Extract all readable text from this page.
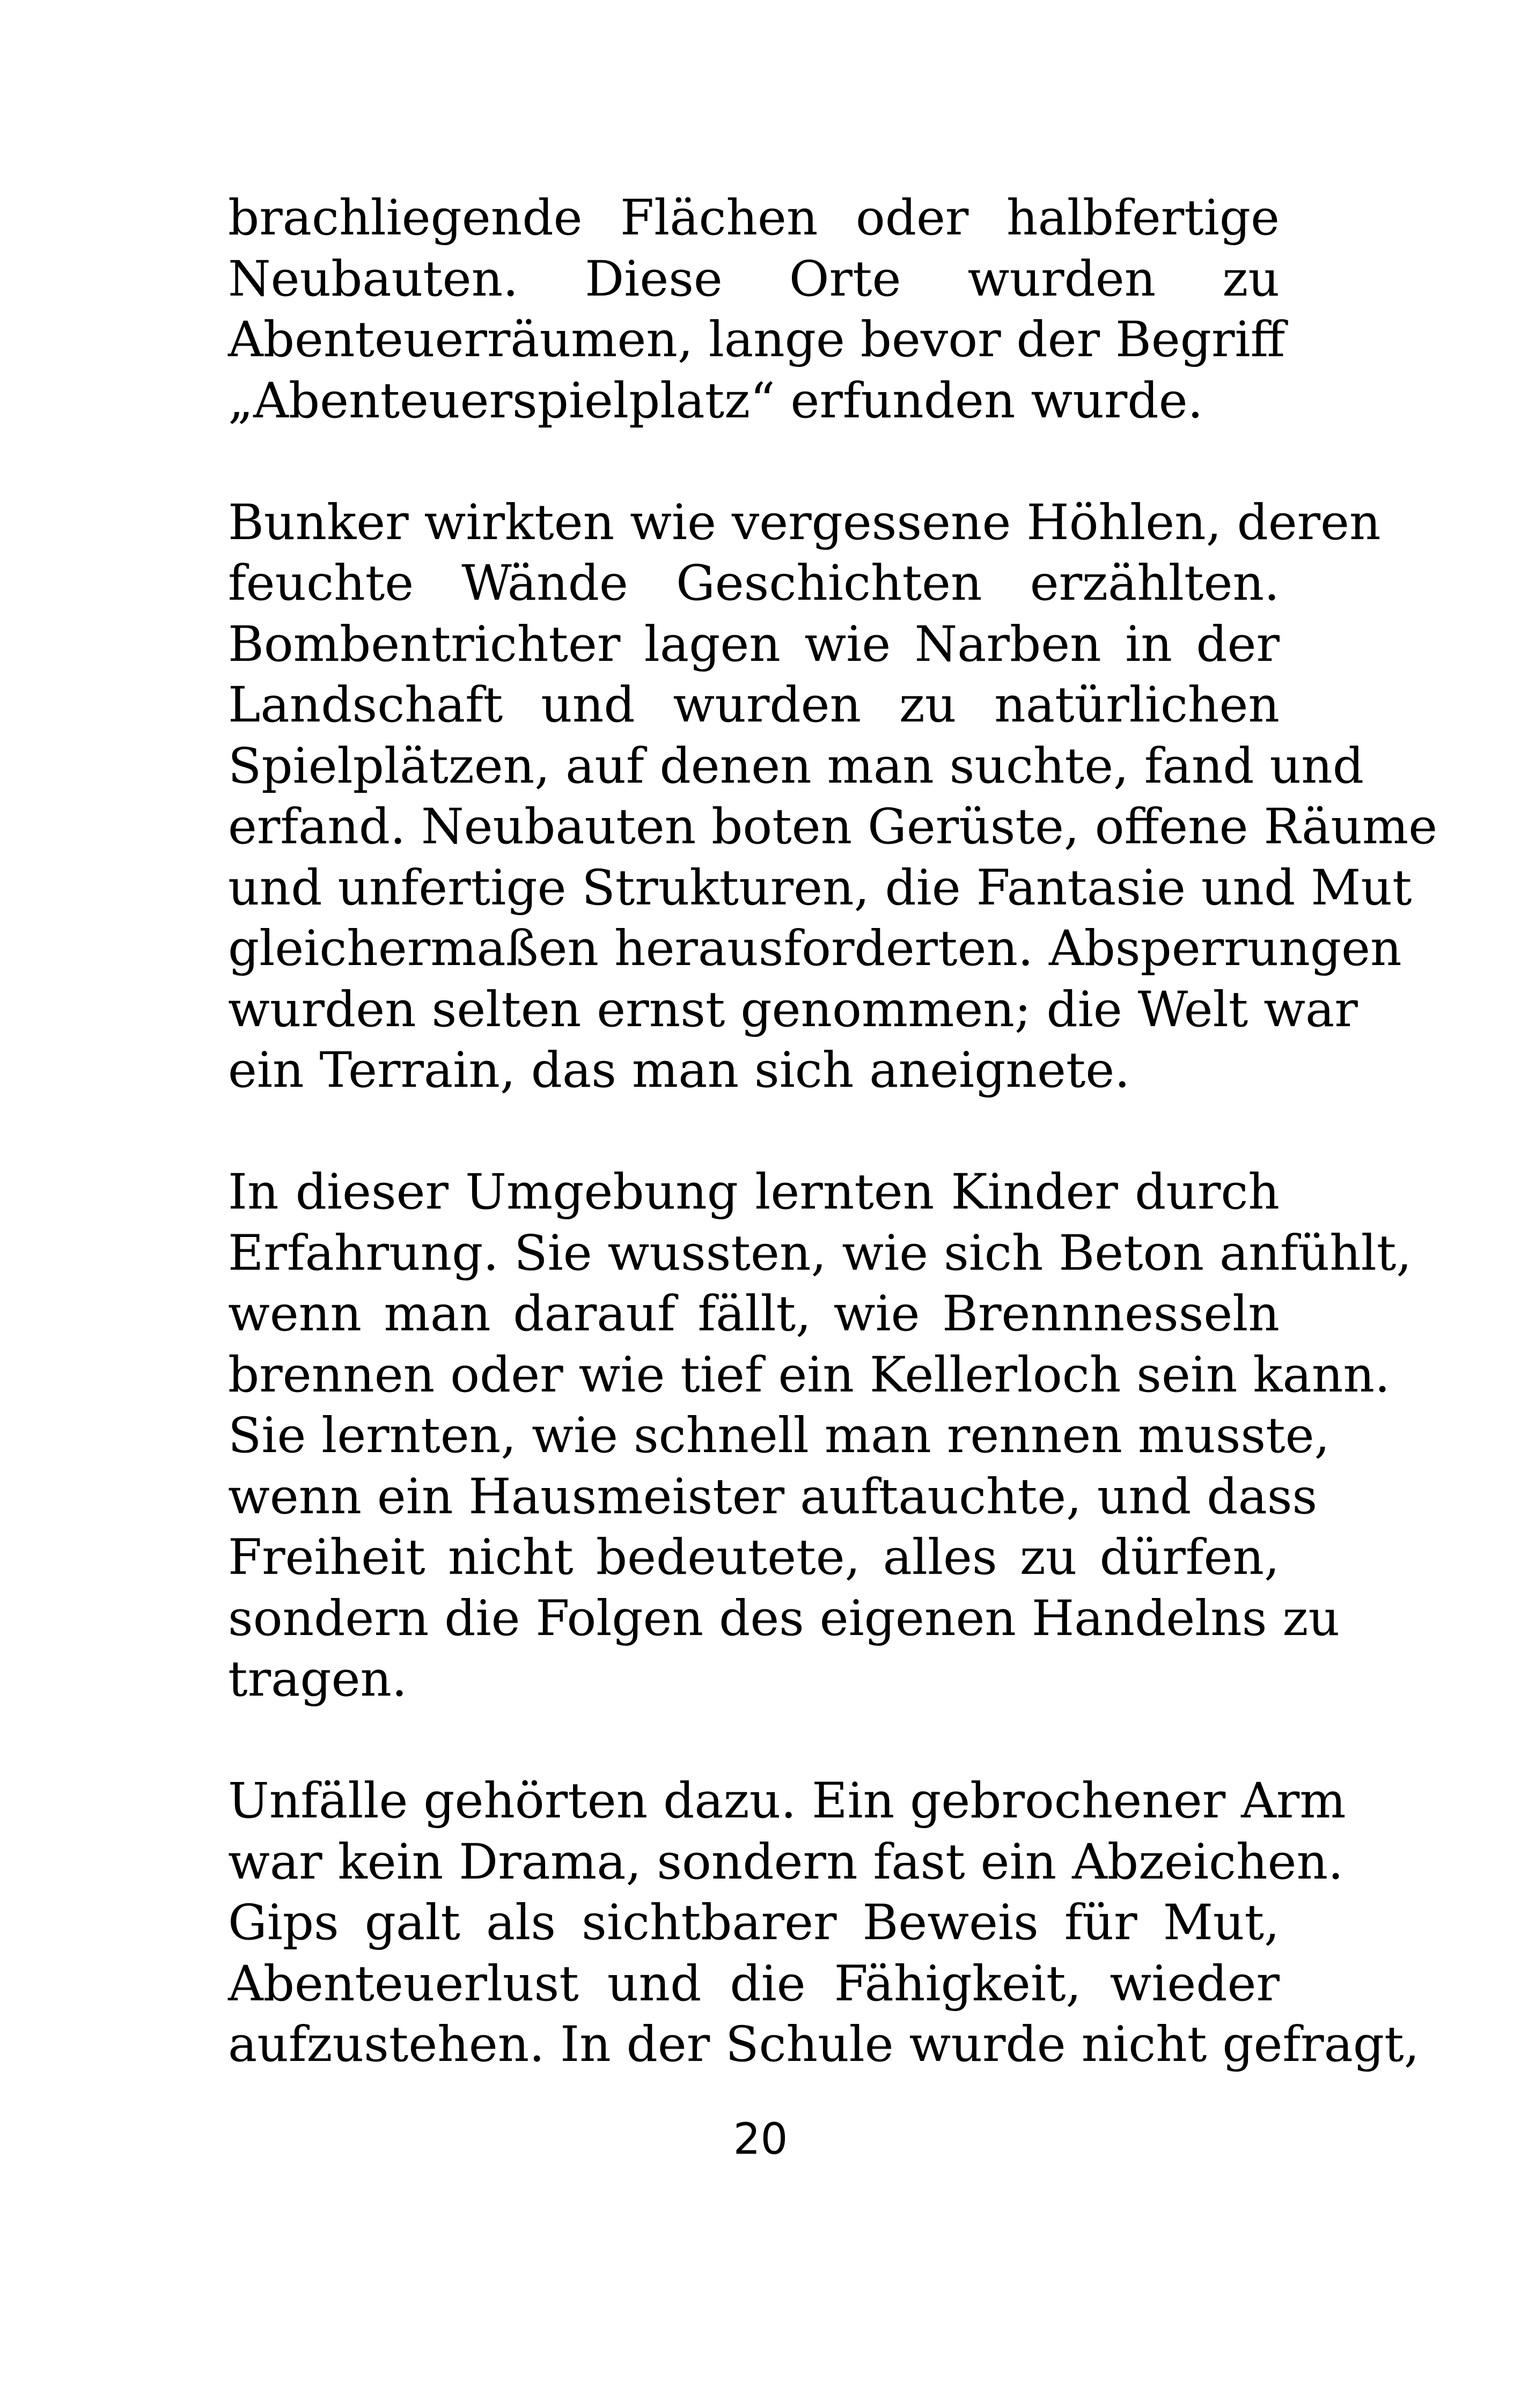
brachliegende Flächen oder halbfertige
Neubauten. Diese Orte wurden zu
Abenteuerräumen, lange bevor der Begriff
„Abenteuerspielplatz“ erfunden wurde.
Bunker wirkten wie vergessene Höhlen, deren
feuchte Wände Geschichten erzählten.
Bombentrichter lagen wie Narben in der
Landschaft und wurden zu natürlichen
Spielplätzen, auf denen man suchte, fand und
erfand. Neubauten boten Gerüste, offene Räume
und unfertige Strukturen, die Fantasie und Mut
gleichermaßen herausforderten. Absperrungen
wurden selten ernst genommen; die Welt war
ein Terrain, das man sich aneignete.
In dieser Umgebung lernten Kinder durch
Erfahrung. Sie wussten, wie sich Beton anfühlt,
wenn man darauf fällt, wie Brennnesseln
brennen oder wie tief ein Kellerloch sein kann.
Sie lernten, wie schnell man rennen musste,
wenn ein Hausmeister auftauchte, und dass
Freiheit nicht bedeutete, alles zu dürfen,
sondern die Folgen des eigenen Handelns zu
tragen.
Unfälle gehörten dazu. Ein gebrochener Arm
war kein Drama, sondern fast ein Abzeichen.
Gips galt als sichtbarer Beweis für Mut,
Abenteuerlust und die Fähigkeit, wieder
aufzustehen. In der Schule wurde nicht gefragt,
20
